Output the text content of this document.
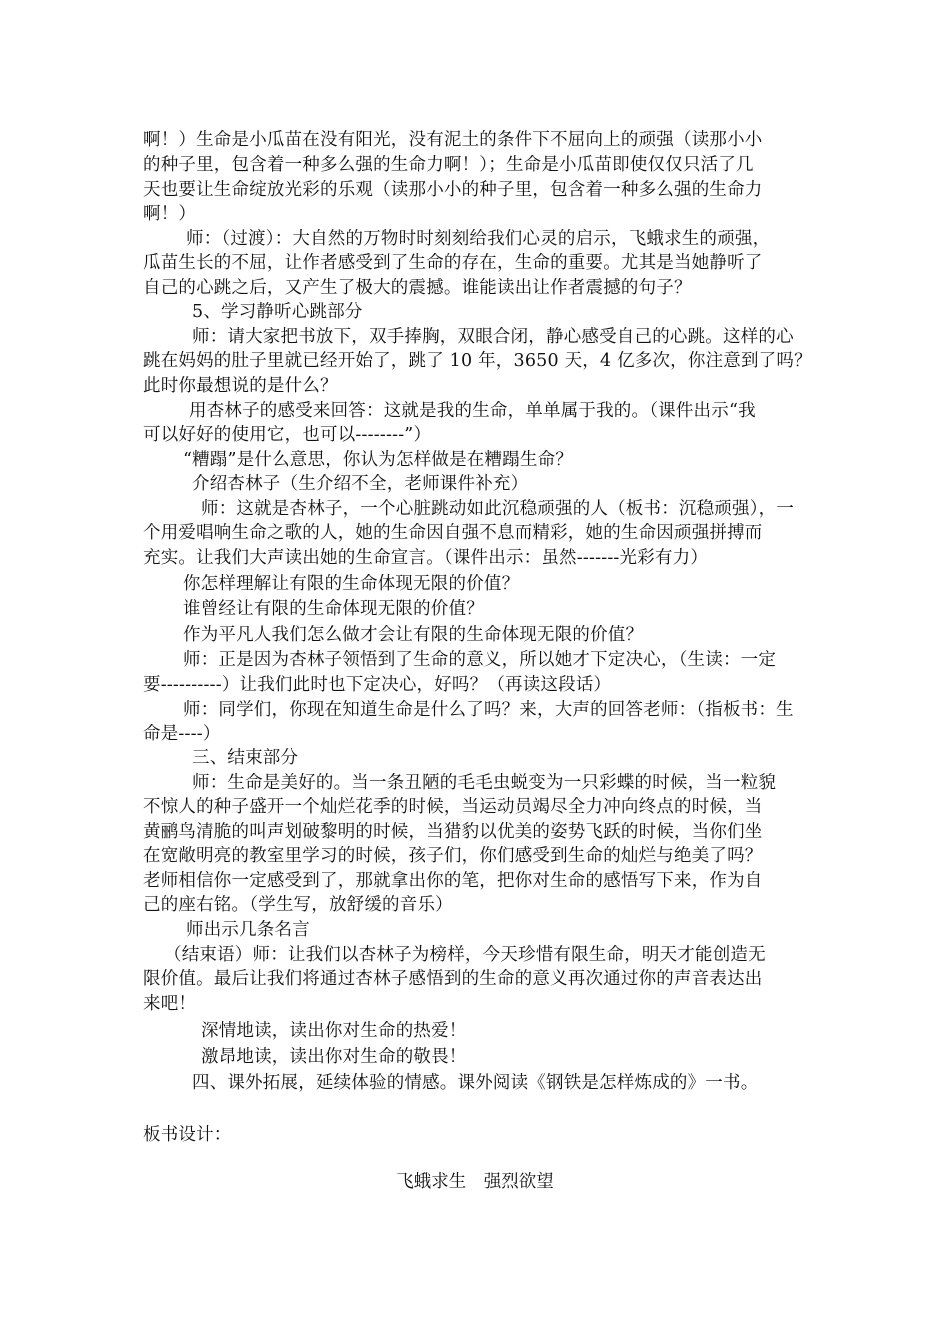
啊！）生命是小瓜苗在没有阳光，没有泥土的条件下不屈向上的顽强（读那小小
的种子里，包含着一种多么强的生命力啊！）；生命是小瓜苗即使仅仅只活了几
天也要让生命绽放光彩的乐观（读那小小的种子里，包含着一种多么强的生命力
啊！）
师：（过渡）：大自然的万物时时刻刻给我们心灵的启示，飞蛾求生的顽强，
瓜苗生长的不屈，让作者感受到了生命的存在，生命的重要。尤其是当她静听了
自己的心跳之后，又产生了极大的震撼。谁能读出让作者震撼的句子？
5、学习静听心跳部分
师：请大家把书放下，双手捧胸，双眼合闭，静心感受自己的心跳。这样的心
跳在妈妈的肚子里就已经开始了，跳了 10 年，3650 天，4 亿多次，你注意到了吗？
此时你最想说的是什么？
用杏林子的感受来回答：这就是我的生命，单单属于我的。（课件出示“我
可以好好的使用它，也可以--------”）
“糟蹋”是什么意思，你认为怎样做是在糟蹋生命？
介绍杏林子（生介绍不全，老师课件补充）
师：这就是杏林子，一个心脏跳动如此沉稳顽强的人（板书：沉稳顽强），一
个用爱唱响生命之歌的人，她的生命因自强不息而精彩，她的生命因顽强拼搏而
充实。让我们大声读出她的生命宣言。（课件出示：虽然-------光彩有力）
你怎样理解让有限的生命体现无限的价值？
谁曾经让有限的生命体现无限的价值？
作为平凡人我们怎么做才会让有限的生命体现无限的价值？
师：正是因为杏林子领悟到了生命的意义，所以她才下定决心，（生读：一定
要----------）让我们此时也下定决心，好吗？（再读这段话）
师：同学们，你现在知道生命是什么了吗？来，大声的回答老师：（指板书：生
命是----）
三、结束部分
师：生命是美好的。当一条丑陋的毛毛虫蜕变为一只彩蝶的时候，当一粒貌
不惊人的种子盛开一个灿烂花季的时候，当运动员竭尽全力冲向终点的时候，当
黄鹂鸟清脆的叫声划破黎明的时候，当猎豹以优美的姿势飞跃的时候，当你们坐
在宽敞明亮的教室里学习的时候，孩子们，你们感受到生命的灿烂与绝美了吗？
老师相信你一定感受到了，那就拿出你的笔，把你对生命的感悟写下来，作为自
己的座右铭。（学生写，放舒缓的音乐）
师出示几条名言
（结束语）师：让我们以杏林子为榜样，今天珍惜有限生命，明天才能创造无
限价值。最后让我们将通过杏林子感悟到的生命的意义再次通过你的声音表达出
来吧！
深情地读，读出你对生命的热爱！
激昂地读，读出你对生命的敬畏！
四、课外拓展，延续体验的情感。课外阅读《钢铁是怎样炼成的》一书。
板书设计：
飞蛾求生　强烈欲望
